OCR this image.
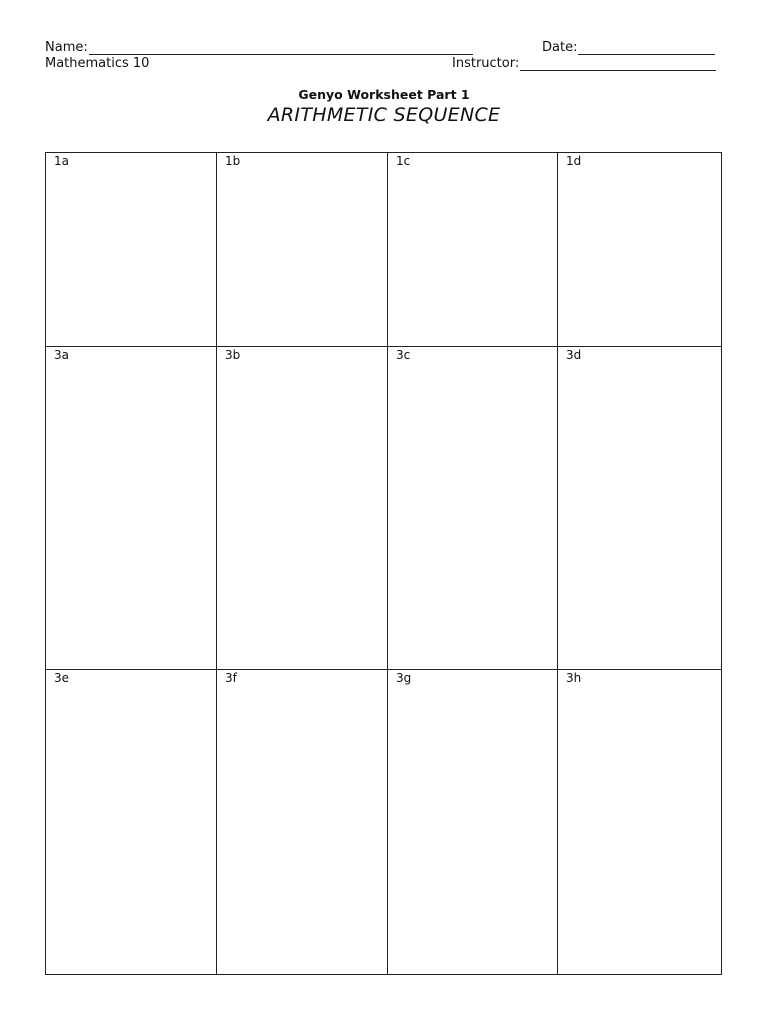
Name:	Date:
Mathematics 10	Instructor:
Genyo Worksheet Part 1
ARITHMETIC SEQUENCE
1a	1b	1c	1d
3a	3b	3c	3d
3e	3f	3g	3h
